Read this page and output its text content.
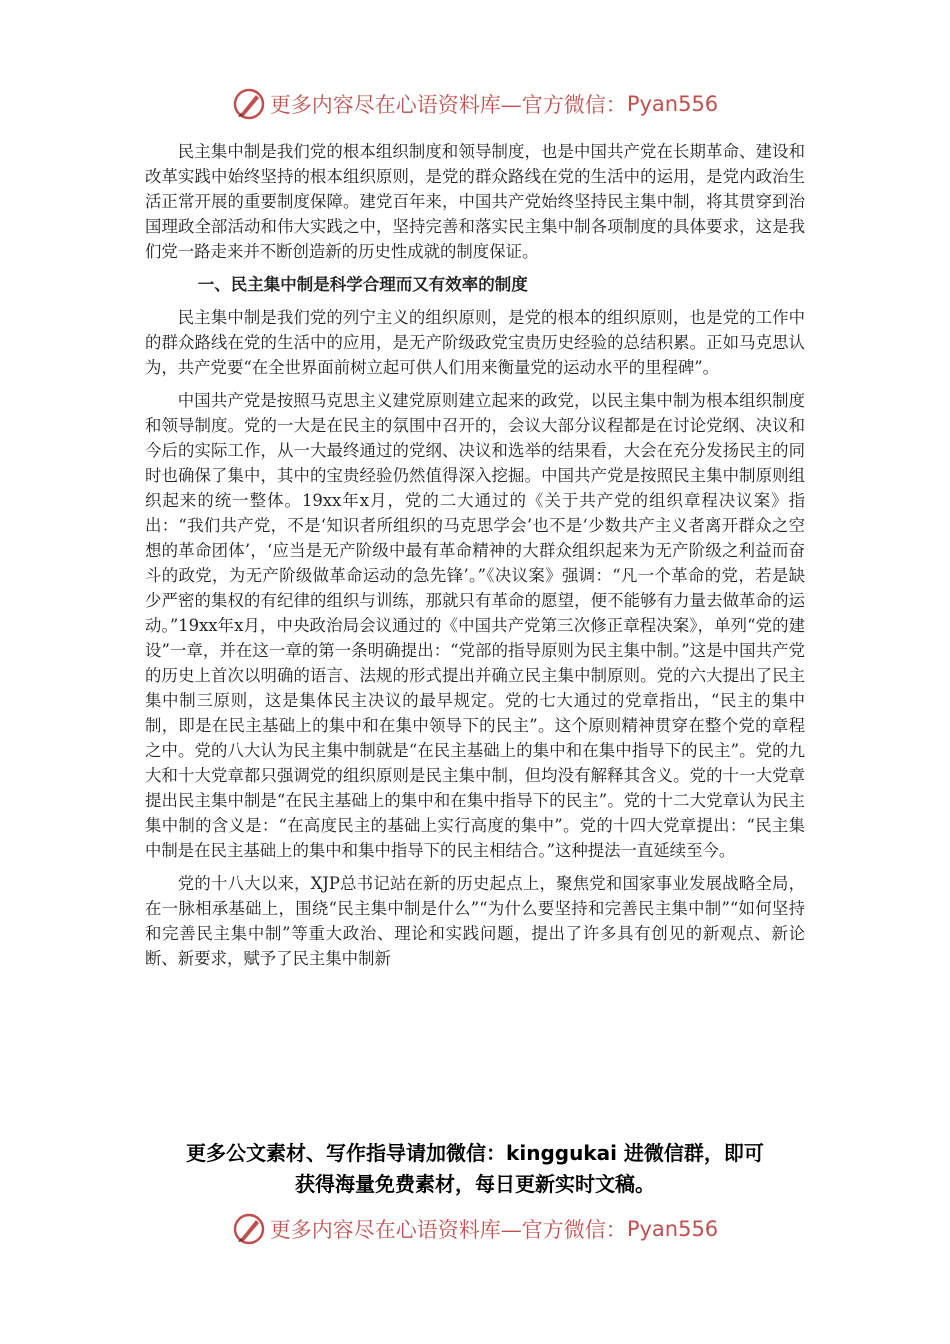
更多内容尽在心语资料库—官方微信： Pyan556

民主集中制是我们党的根本组织制度和领导制度，也是中国共产党在长期革命、建设和改革实践中始终坚持的根本组织原则，是党的群众路线在党的生活中的运用，是党内政治生活正常开展的重要制度保障。建党百年来，中国共产党始终坚持民主集中制，将其贯穿到治国理政全部活动和伟大实践之中，坚持完善和落实民主集中制各项制度的具体要求，这是我们党一路走来并不断创造新的历史性成就的制度保证。

一、民主集中制是科学合理而又有效率的制度

民主集中制是我们党的列宁主义的组织原则，是党的根本的组织原则，也是党的工作中的群众路线在党的生活中的应用，是无产阶级政党宝贵历史经验的总结积累。正如马克思认为，共产党要“在全世界面前树立起可供人们用来衡量党的运动水平的里程碑”。

中国共产党是按照马克思主义建党原则建立起来的政党，以民主集中制为根本组织制度和领导制度。党的一大是在民主的氛围中召开的，会议大部分议程都是在讨论党纲、决议和今后的实际工作，从一大最终通过的党纲、决议和选举的结果看，大会在充分发扬民主的同时也确保了集中，其中的宝贵经验仍然值得深入挖掘。中国共产党是按照民主集中制原则组织起来的统一整体。19xx年x月，党的二大通过的《关于共产党的组织章程决议案》指出：“我们共产党，不是‘知识者所组织的马克思学会’也不是‘少数共产主义者离开群众之空想的革命团体’，‘应当是无产阶级中最有革命精神的大群众组织起来为无产阶级之利益而奋斗的政党，为无产阶级做革命运动的急先锋’。”《决议案》强调：“凡一个革命的党，若是缺少严密的集权的有纪律的组织与训练，那就只有革命的愿望，便不能够有力量去做革命的运动。”19xx年x月，中央政治局会议通过的《中国共产党第三次修正章程决案》，单列“党的建设”一章，并在这一章的第一条明确提出：“党部的指导原则为民主集中制。”这是中国共产党的历史上首次以明确的语言、法规的形式提出并确立民主集中制原则。党的六大提出了民主集中制三原则，这是集体民主决议的最早规定。党的七大通过的党章指出，“民主的集中制，即是在民主基础上的集中和在集中领导下的民主”。这个原则精神贯穿在整个党的章程之中。党的八大认为民主集中制就是“在民主基础上的集中和在集中指导下的民主”。党的九大和十大党章都只强调党的组织原则是民主集中制，但均没有解释其含义。党的十一大党章提出民主集中制是“在民主基础上的集中和在集中指导下的民主”。党的十二大党章认为民主集中制的含义是：“在高度民主的基础上实行高度的集中”。党的十四大党章提出：“民主集中制是在民主基础上的集中和集中指导下的民主相结合。”这种提法一直延续至今。

党的十八大以来，XJP总书记站在新的历史起点上，聚焦党和国家事业发展战略全局，在一脉相承基础上，围绕“民主集中制是什么”“为什么要坚持和完善民主集中制”“如何坚持和完善民主集中制”等重大政治、理论和实践问题，提出了许多具有创见的新观点、新论断、新要求，赋予了民主集中制新

更多公文素材、写作指导请加微信：kinggukai 进微信群，即可
获得海量免费素材，每日更新实时文稿。
更多内容尽在心语资料库—官方微信： Pyan556
